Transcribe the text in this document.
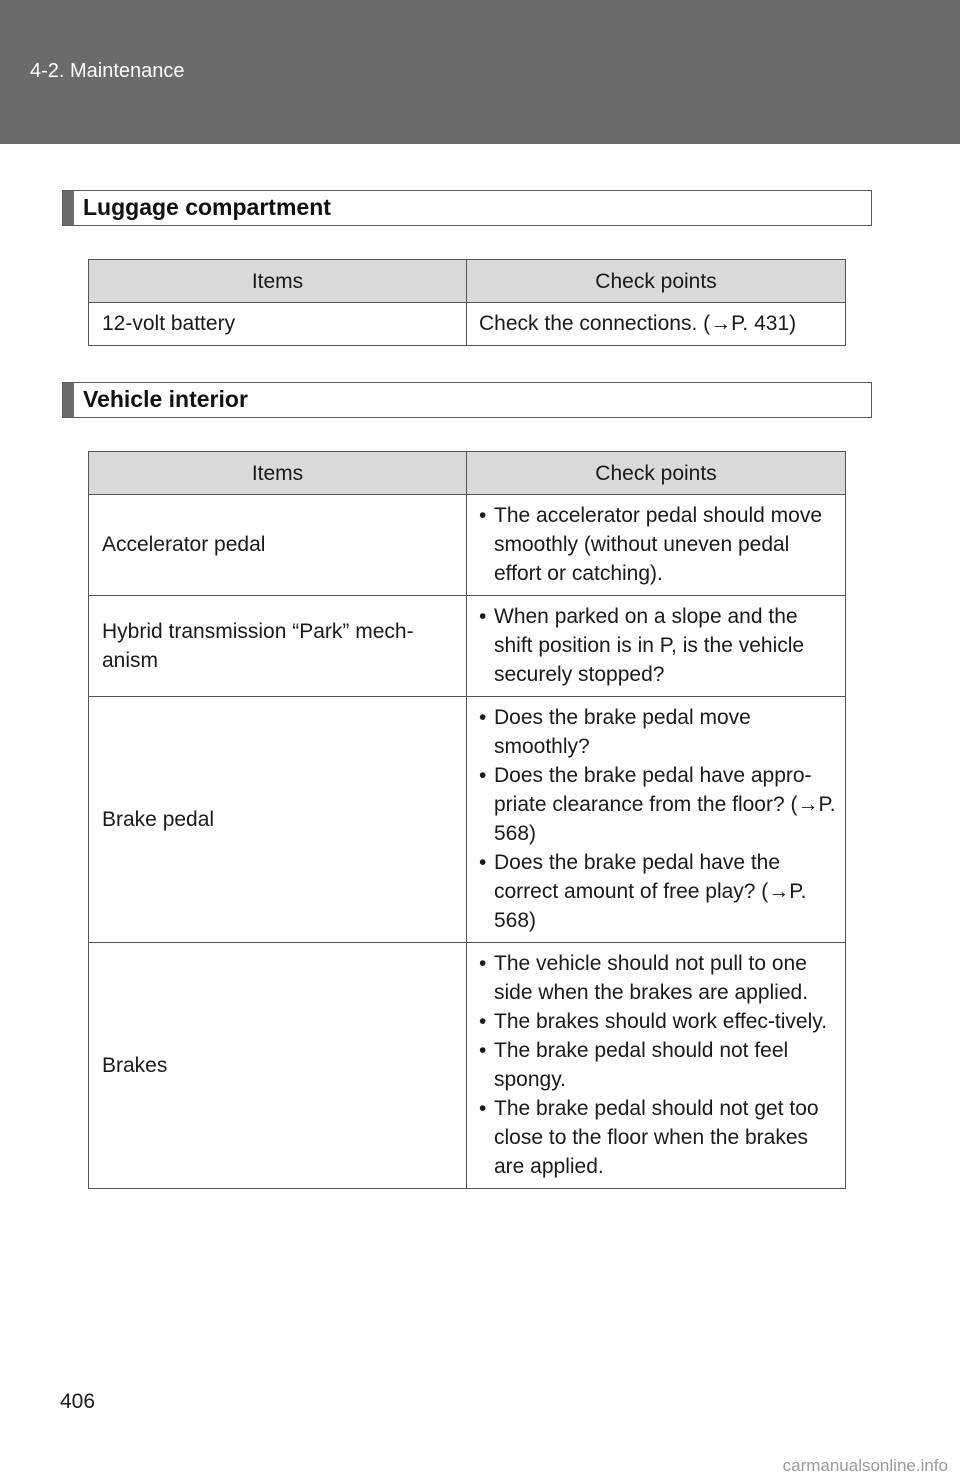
4-2. Maintenance
Luggage compartment
Items	Check points
12-volt battery	Check the connections. (→P. 431)
Vehicle interior
Items	Check points
Accelerator pedal	• The accelerator pedal should move smoothly (without uneven pedal effort or catching).

Hybrid transmission “Park” mech-anism	• When parked on a slope and the shift position is in P, is the vehicle securely stopped?

Brake pedal	• Does the brake pedal move smoothly?
• Does the brake pedal have appro-priate clearance from the floor? (→P. 568)
• Does the brake pedal have the correct amount of free play? (→P. 568)

Brakes	• The vehicle should not pull to one side when the brakes are applied.
• The brakes should work effec-tively.
• The brake pedal should not feel spongy.
• The brake pedal should not get too close to the floor when the brakes are applied.
406
carmanualsonline.info
